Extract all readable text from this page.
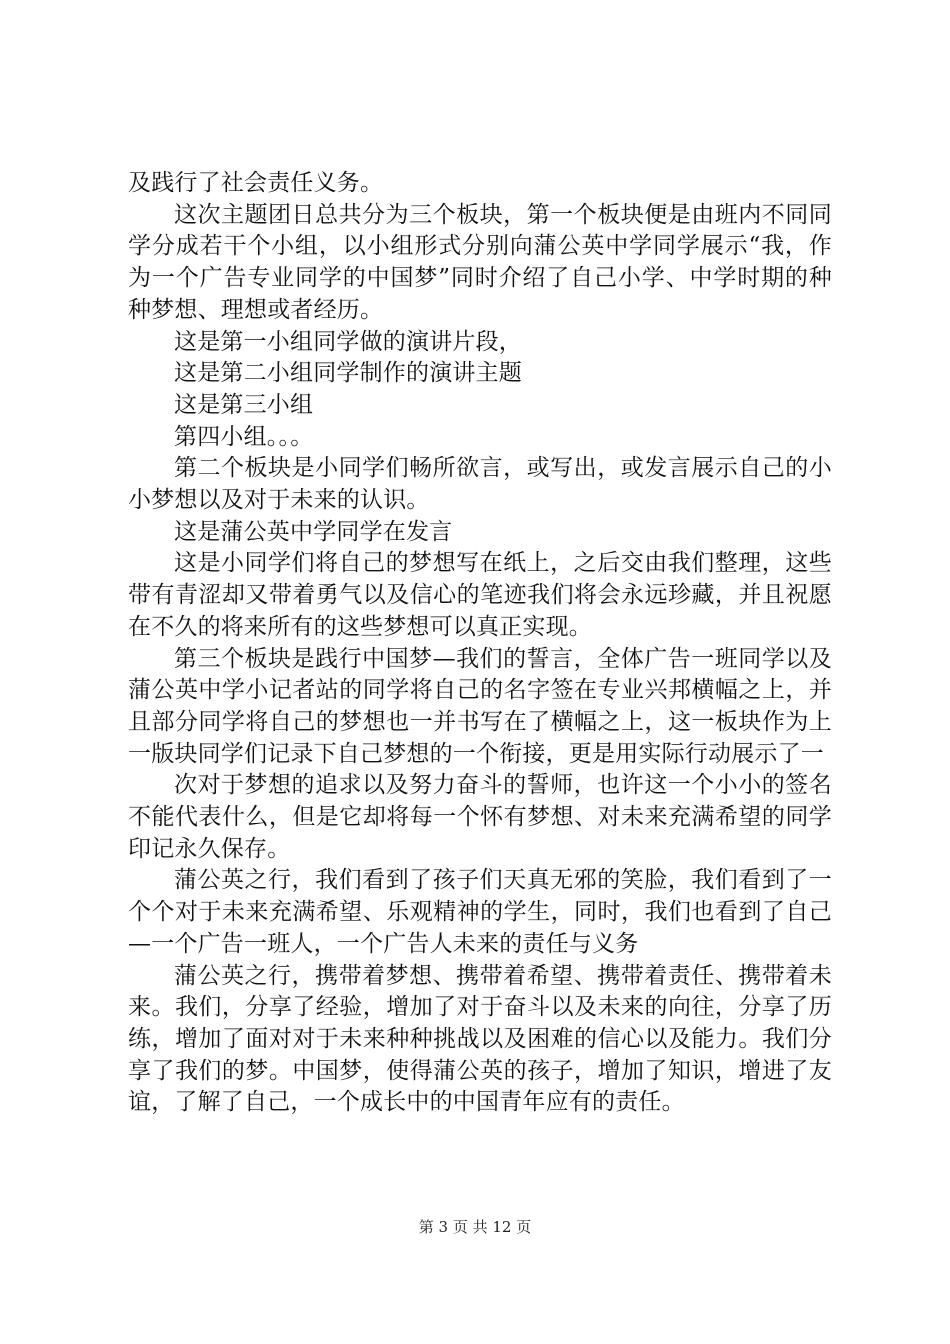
及践行了社会责任义务。

这次主题团日总共分为三个板块，第一个板块便是由班内不同同学分成若干个小组，以小组形式分别向蒲公英中学同学展示“我，作为一个广告专业同学的中国梦”同时介绍了自己小学、中学时期的种种梦想、理想或者经历。

这是第一小组同学做的演讲片段，

这是第二小组同学制作的演讲主题

这是第三小组

第四小组。。。

第二个板块是小同学们畅所欲言，或写出，或发言展示自己的小小梦想以及对于未来的认识。

这是蒲公英中学同学在发言

这是小同学们将自己的梦想写在纸上，之后交由我们整理，这些带有青涩却又带着勇气以及信心的笔迹我们将会永远珍藏，并且祝愿在不久的将来所有的这些梦想可以真正实现。

第三个板块是践行中国梦—我们的誓言，全体广告一班同学以及蒲公英中学小记者站的同学将自己的名字签在专业兴邦横幅之上，并且部分同学将自己的梦想也一并书写在了横幅之上，这一板块作为上一版块同学们记录下自己梦想的一个衔接，更是用实际行动展示了一

次对于梦想的追求以及努力奋斗的誓师，也许这一个小小的签名不能代表什么，但是它却将每一个怀有梦想、对未来充满希望的同学印记永久保存。

蒲公英之行，我们看到了孩子们天真无邪的笑脸，我们看到了一个个对于未来充满希望、乐观精神的学生，同时，我们也看到了自己—一个广告一班人，一个广告人未来的责任与义务

蒲公英之行，携带着梦想、携带着希望、携带着责任、携带着未来。我们，分享了经验，增加了对于奋斗以及未来的向往，分享了历练，增加了面对对于未来种种挑战以及困难的信心以及能力。我们分享了我们的梦。中国梦，使得蒲公英的孩子，增加了知识，增进了友谊，了解了自己，一个成长中的中国青年应有的责任。

第 3 页 共 12 页
